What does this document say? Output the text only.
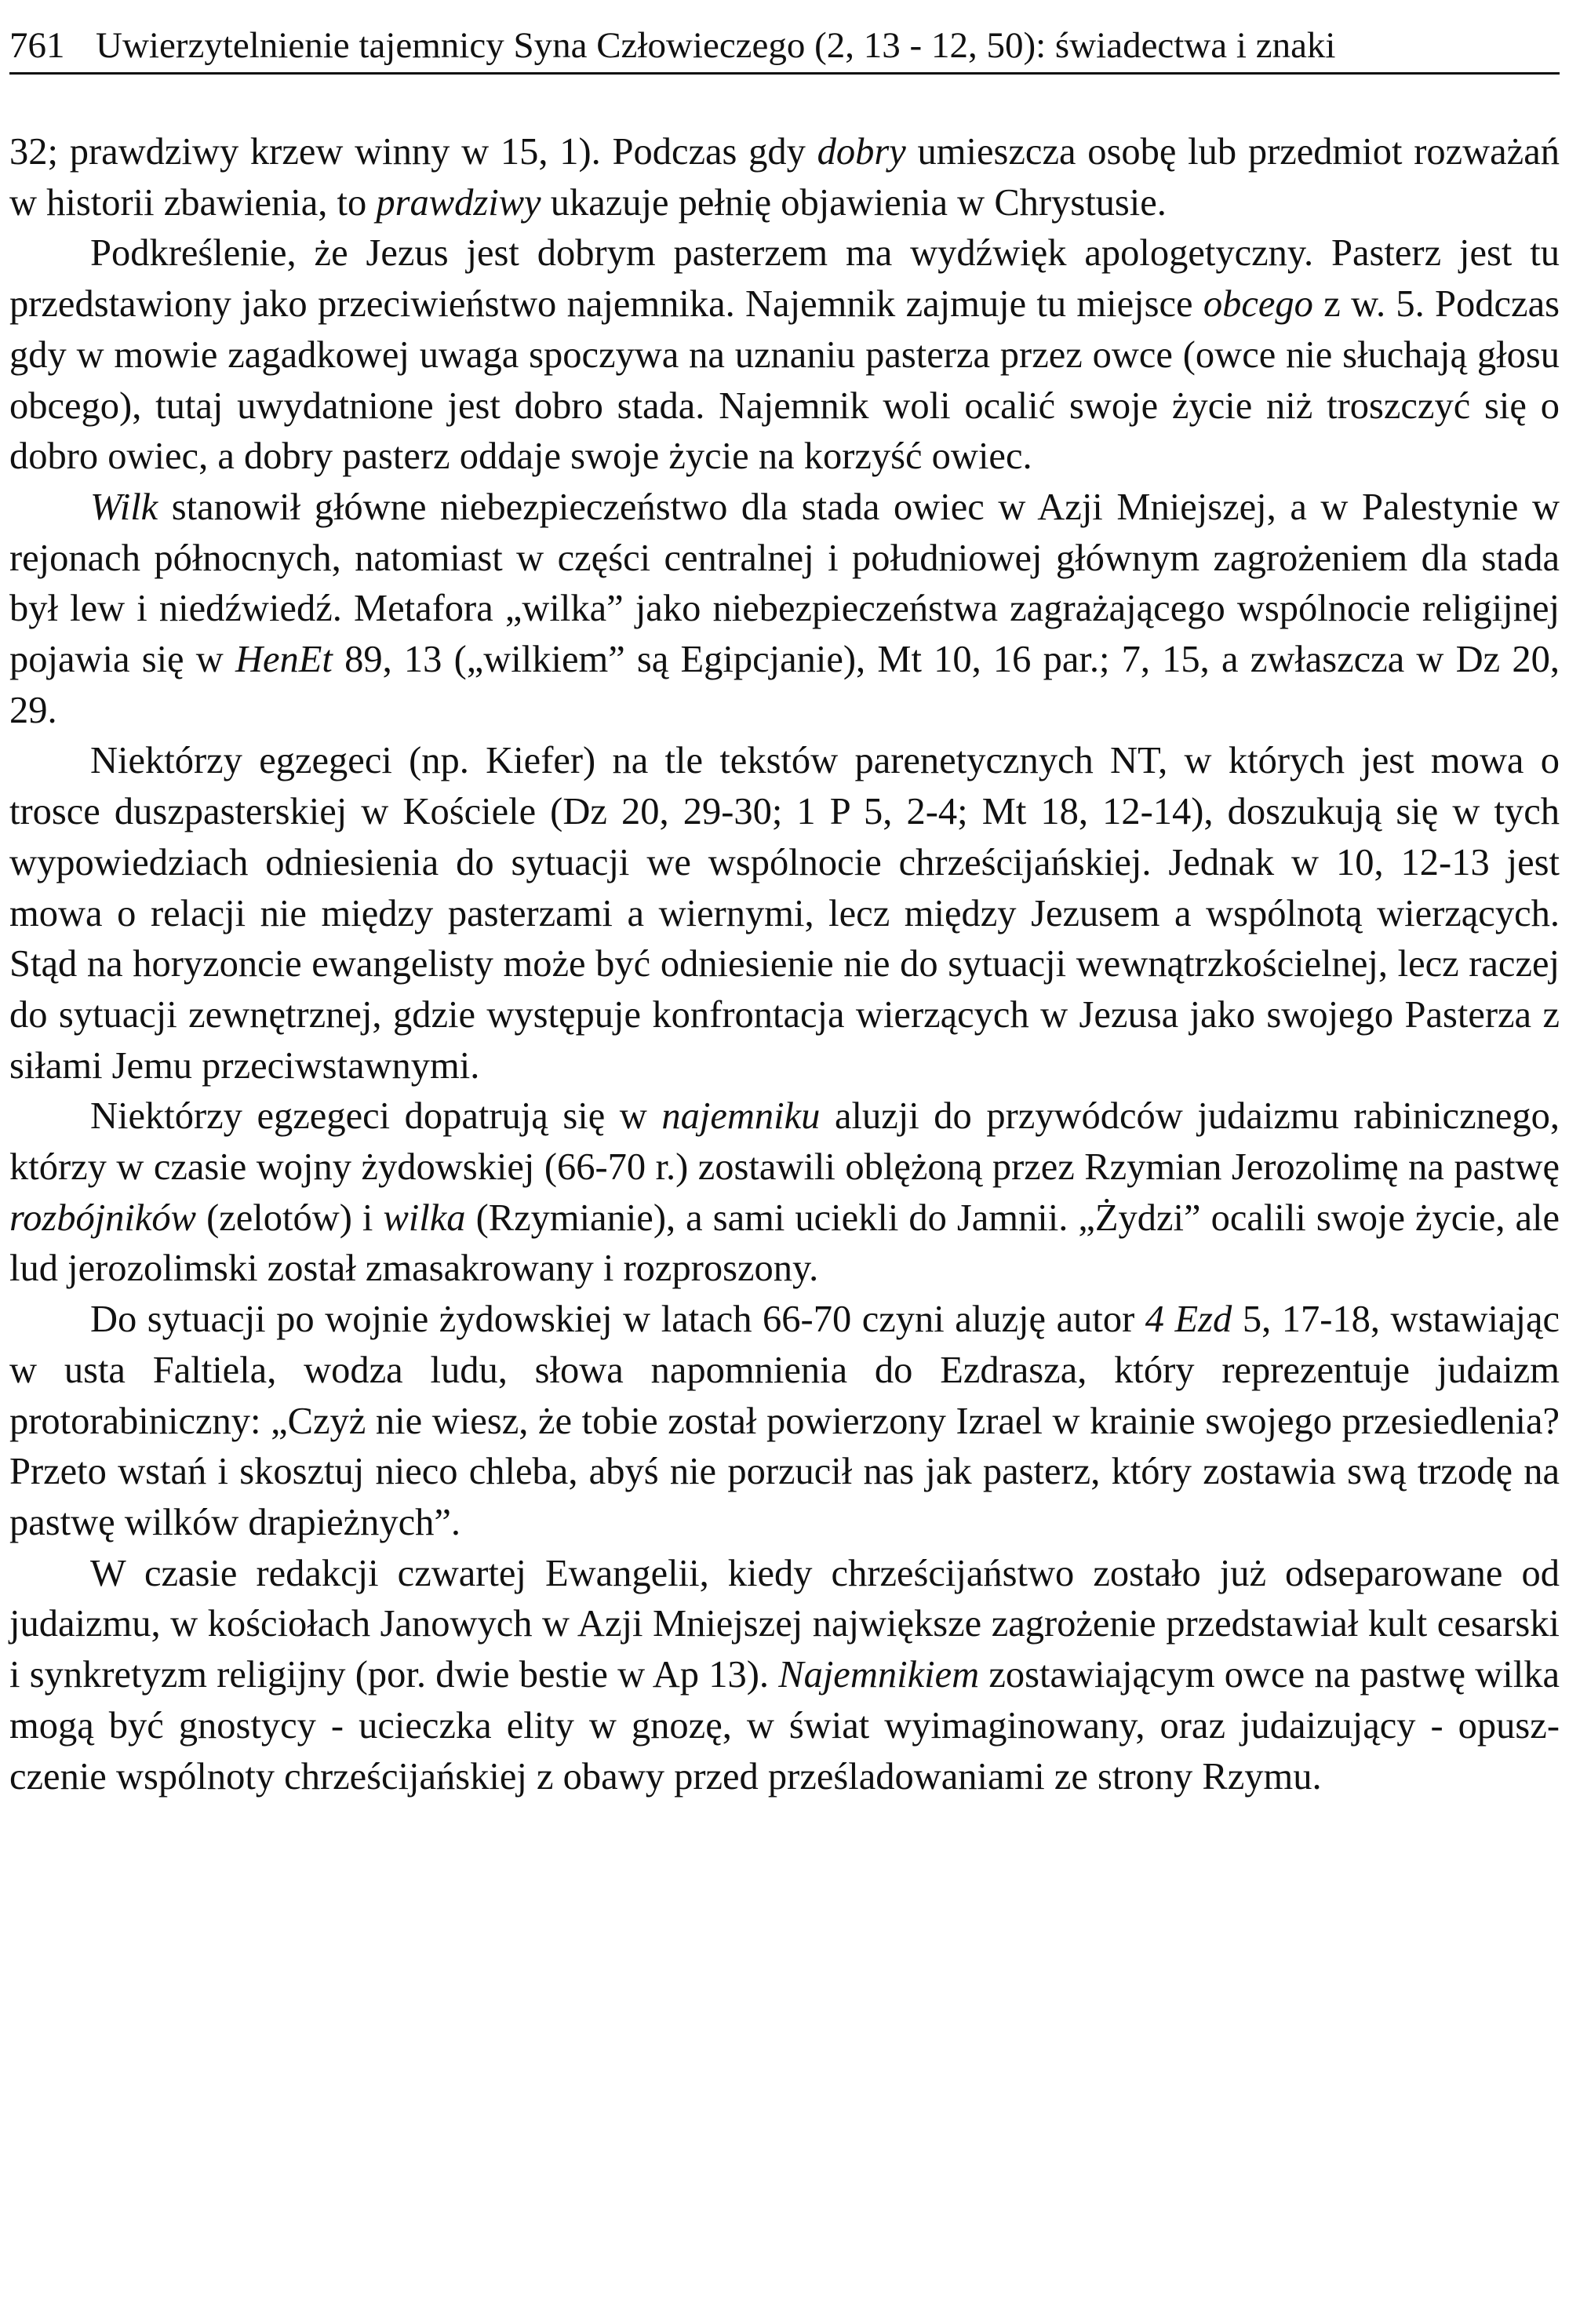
761 Uwierzytelnienie tajemnicy Syna Człowieczego (2, 13 - 12, 50): świadectwa i znaki

32; prawdziwy krzew winny w 15, 1). Podczas gdy dobry umieszcza osobę lub przedmiot rozważań w historii zbawienia, to prawdziwy ukazuje pełnię objawienia w Chrystusie.

Podkreślenie, że Jezus jest dobrym pasterzem ma wydźwięk apologetyczny. Pasterz jest tu przedstawiony jako przeciwieństwo najemnika. Najemnik zajmuje tu miejsce obcego z w. 5. Podczas gdy w mowie zagadkowej uwaga spoczywa na uznaniu pasterza przez owce (owce nie słuchają głosu obcego), tutaj uwydatnione jest dobro stada. Najemnik woli ocalić swoje życie niż troszczyć się o dobro owiec, a dobry pasterz oddaje swoje życie na korzyść owiec.

Wilk stanowił główne niebezpieczeństwo dla stada owiec w Azji Mniejszej, a w Palestynie w rejonach północnych, natomiast w części centralnej i południowej głównym zagrożeniem dla stada był lew i niedźwiedź. Metafora „wilka” jako niebezpieczeństwa zagrażającego wspólnocie religijnej pojawia się w HenEt 89, 13 („wilkiem” są Egipcjanie), Mt 10, 16 par.; 7, 15, a zwłaszcza w Dz 20, 29.

Niektórzy egzegeci (np. Kiefer) na tle tekstów parenetycznych NT, w których jest mowa o trosce duszpasterskiej w Kościele (Dz 20, 29-30; 1 P 5, 2-4; Mt 18, 12-14), doszukują się w tych wypowiedziach odniesienia do sytuacji we wspólnocie chrześcijańskiej. Jednak w 10, 12-13 jest mowa o relacji nie między pasterzami a wiernymi, lecz między Jezusem a wspólnotą wierzących. Stąd na horyzoncie ewangelisty może być odniesienie nie do sytuacji wewnątrzkościelnej, lecz raczej do sytuacji zewnętrznej, gdzie występuje konfrontacja wierzących w Jezusa jako swojego Pasterza z siłami Jemu przeciwstawnymi.

Niektórzy egzegeci dopatrują się w najemniku aluzji do przywódców judaizmu rabinicznego, którzy w czasie wojny żydowskiej (66-70 r.) zostawili oblężoną przez Rzymian Jerozolimę na pastwę rozbójników (zelotów) i wilka (Rzymianie), a sami uciekli do Jamnii. „Żydzi” ocalili swoje życie, ale lud jerozolimski został zmasakrowany i rozproszony.

Do sytuacji po wojnie żydowskiej w latach 66-70 czyni aluzję autor 4 Ezd 5, 17-18, wstawiając w usta Faltiela, wodza ludu, słowa napomnienia do Ezdrasza, który reprezentuje judaizm protorabiniczny: „Czyż nie wiesz, że tobie został powierzony Izrael w krainie swojego przesiedlenia? Przeto wstań i skosztuj nieco chleba, abyś nie porzucił nas jak pasterz, który zostawia swą trzodę na pastwę wilków drapieżnych”.

W czasie redakcji czwartej Ewangelii, kiedy chrześcijaństwo zostało już odseparowane od judaizmu, w kościołach Janowych w Azji Mniejszej największe zagrożenie przedstawiał kult cesarski i synkretyzm religijny (por. dwie bestie w Ap 13). Najemnikiem zostawiającym owce na pastwę wilka mogą być gnostycy - ucieczka elity w gnozę, w świat wyimaginowany, oraz judaizujący - opuszczenie wspólnoty chrześcijańskiej z obawy przed prześladowaniami ze strony Rzymu.
